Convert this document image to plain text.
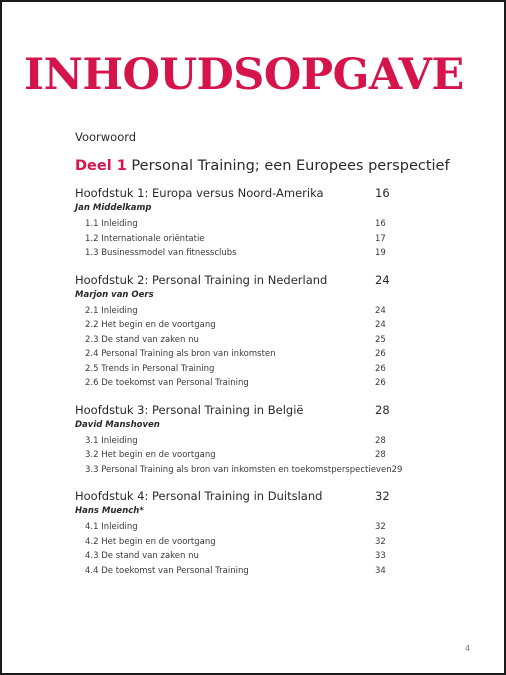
INHOUDSOPGAVE
Voorwoord
Deel 1 Personal Training; een Europees perspectief
Hoofdstuk 1: Europa versus Noord-Amerika	16
Jan Middelkamp
1.1 Inleiding	16
1.2 Internationale oriëntatie	17
1.3 Businessmodel van fitnessclubs	19
Hoofdstuk 2: Personal Training in Nederland	24
Marjon van Oers
2.1 Inleiding	24
2.2 Het begin en de voortgang	24
2.3 De stand van zaken nu	25
2.4 Personal Training als bron van inkomsten	26
2.5 Trends in Personal Training	26
2.6 De toekomst van Personal Training	26
Hoofdstuk 3: Personal Training in België	28
David Manshoven
3.1 Inleiding	28
3.2 Het begin en de voortgang	28
3.3 Personal Training als bron van inkomsten en toekomstperspectieven 29
Hoofdstuk 4: Personal Training in Duitsland	32
Hans Muench*
4.1 Inleiding	32
4.2 Het begin en de voortgang	32
4.3 De stand van zaken nu	33
4.4 De toekomst van Personal Training	34
4
